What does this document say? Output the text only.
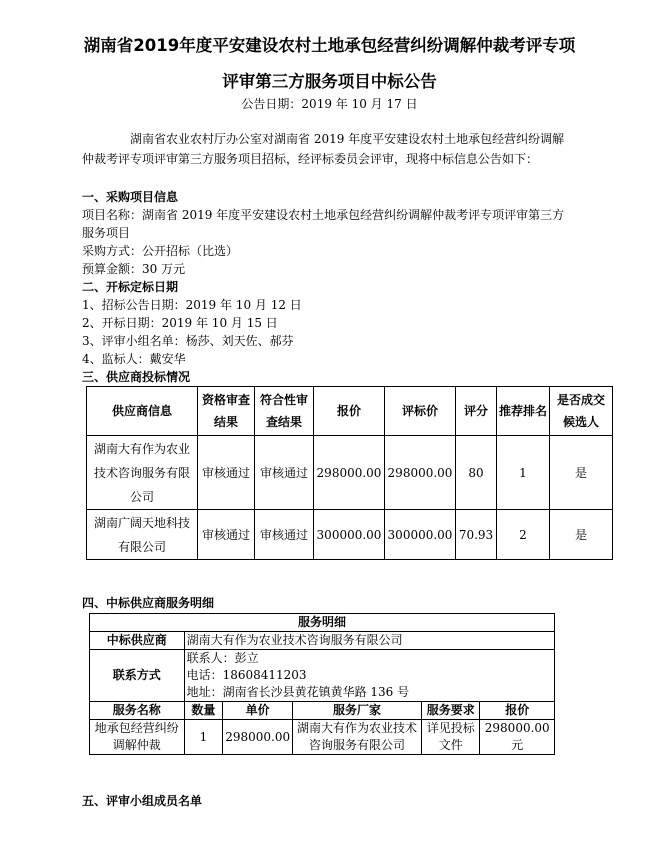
湖南省2019年度平安建设农村土地承包经营纠纷调解仲裁考评专项
评审第三方服务项目中标公告
公告日期：2019 年 10 月 17 日
湖南省农业农村厅办公室对湖南省 2019 年度平安建设农村土地承包经营纠纷调解
仲裁考评专项评审第三方服务项目招标，经评标委员会评审，现将中标信息公告如下：
一、采购项目信息
项目名称：湖南省 2019 年度平安建设农村土地承包经营纠纷调解仲裁考评专项评审第三方
服务项目
采购方式：公开招标（比选）
预算金额：30 万元
二、开标定标日期
1、招标公告日期：2019 年 10 月 12 日
2、开标日期：2019 年 10 月 15 日
3、评审小组名单：杨莎、刘天佐、郝芬
4、监标人：戴安华
三、供应商投标情况
供应商信息	资格审查结果	符合性审查结果	报价	评标价	评分	推荐排名	是否成交候选人
湖南大有作为农业技术咨询服务有限公司	审核通过	审核通过	298000.00	298000.00	80	1	是
湖南广阔天地科技有限公司	审核通过	审核通过	300000.00	300000.00	70.93	2	是
四、中标供应商服务明细
服务明细					
中标供应商	湖南大有作为农业技术咨询服务有限公司				
联系方式	联系人：彭立
电话：18608411203
地址：湖南省长沙县黄花镇黄华路 136 号				

服务名称	数量	单价	服务厂家	服务要求	报价
地承包经营纠纷调解仲裁	1	298000.00	湖南大有作为农业技术咨询服务有限公司	详见投标文件	298000.00 元
五、评审小组成员名单
